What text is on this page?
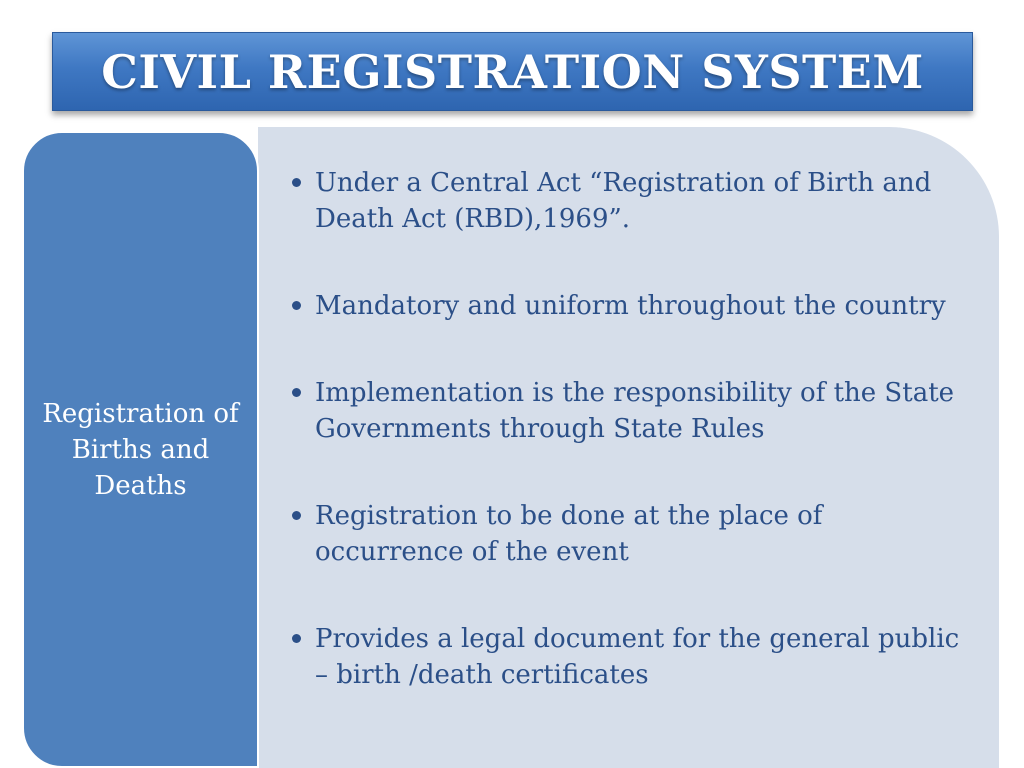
CIVIL REGISTRATION SYSTEM
Registration of Births and Deaths
Under a Central Act “Registration of Birth and Death Act (RBD),1969”.
Mandatory and uniform throughout the country
Implementation is the responsibility of the State Governments through State Rules
Registration to be done at the place of occurrence of the event
Provides a legal document for the general public – birth /death certificates
